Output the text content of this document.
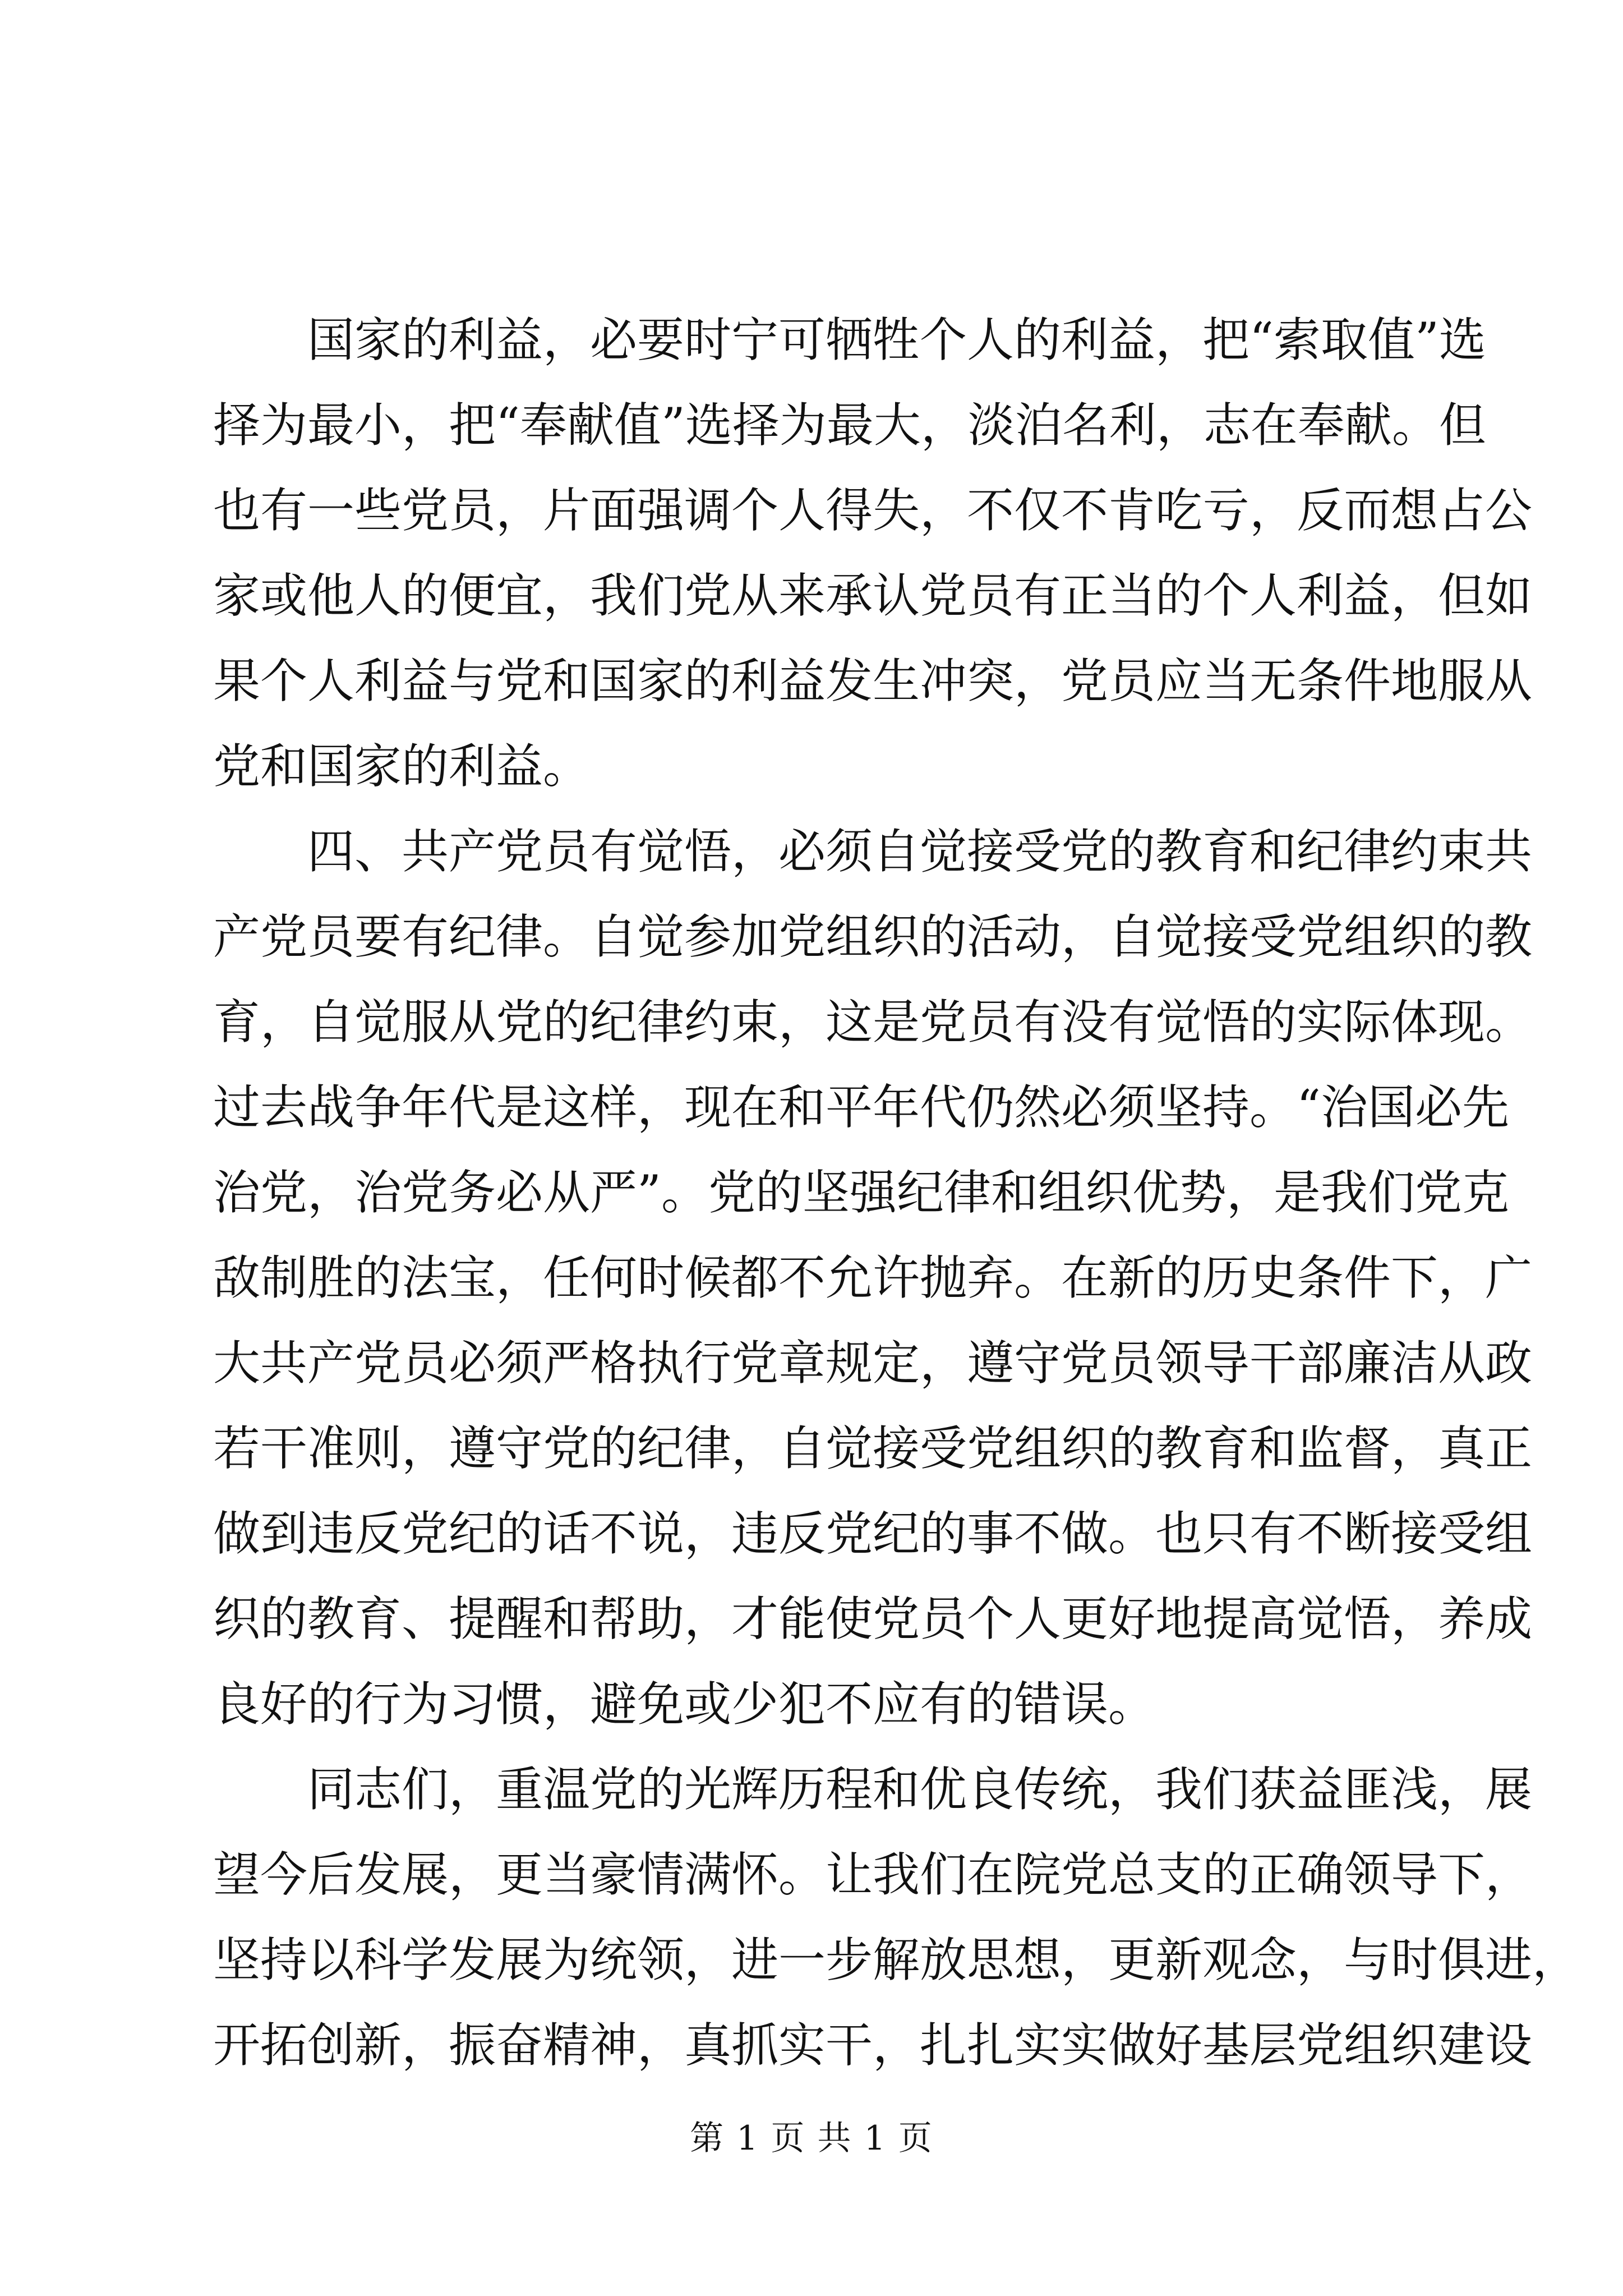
国家的利益，必要时宁可牺牲个人的利益，把“索取值”选
择为最小，把“奉献值”选择为最大，淡泊名利，志在奉献。但
也有一些党员，片面强调个人得失，不仅不肯吃亏，反而想占公
家或他人的便宜，我们党从来承认党员有正当的个人利益，但如
果个人利益与党和国家的利益发生冲突，党员应当无条件地服从
党和国家的利益。
四、共产党员有觉悟，必须自觉接受党的教育和纪律约束共
产党员要有纪律。自觉参加党组织的活动，自觉接受党组织的教
育，自觉服从党的纪律约束，这是党员有没有觉悟的实际体现。
过去战争年代是这样，现在和平年代仍然必须坚持。“治国必先
治党，治党务必从严”。党的坚强纪律和组织优势，是我们党克
敌制胜的法宝，任何时候都不允许抛弃。在新的历史条件下，广
大共产党员必须严格执行党章规定，遵守党员领导干部廉洁从政
若干准则，遵守党的纪律，自觉接受党组织的教育和监督，真正
做到违反党纪的话不说，违反党纪的事不做。也只有不断接受组
织的教育、提醒和帮助，才能使党员个人更好地提高觉悟，养成
良好的行为习惯，避免或少犯不应有的错误。
同志们，重温党的光辉历程和优良传统，我们获益匪浅，展
望今后发展，更当豪情满怀。让我们在院党总支的正确领导下，
坚持以科学发展为统领，进一步解放思想，更新观念，与时俱进，
开拓创新，振奋精神，真抓实干，扎扎实实做好基层党组织建设
第 1 页 共 1 页
